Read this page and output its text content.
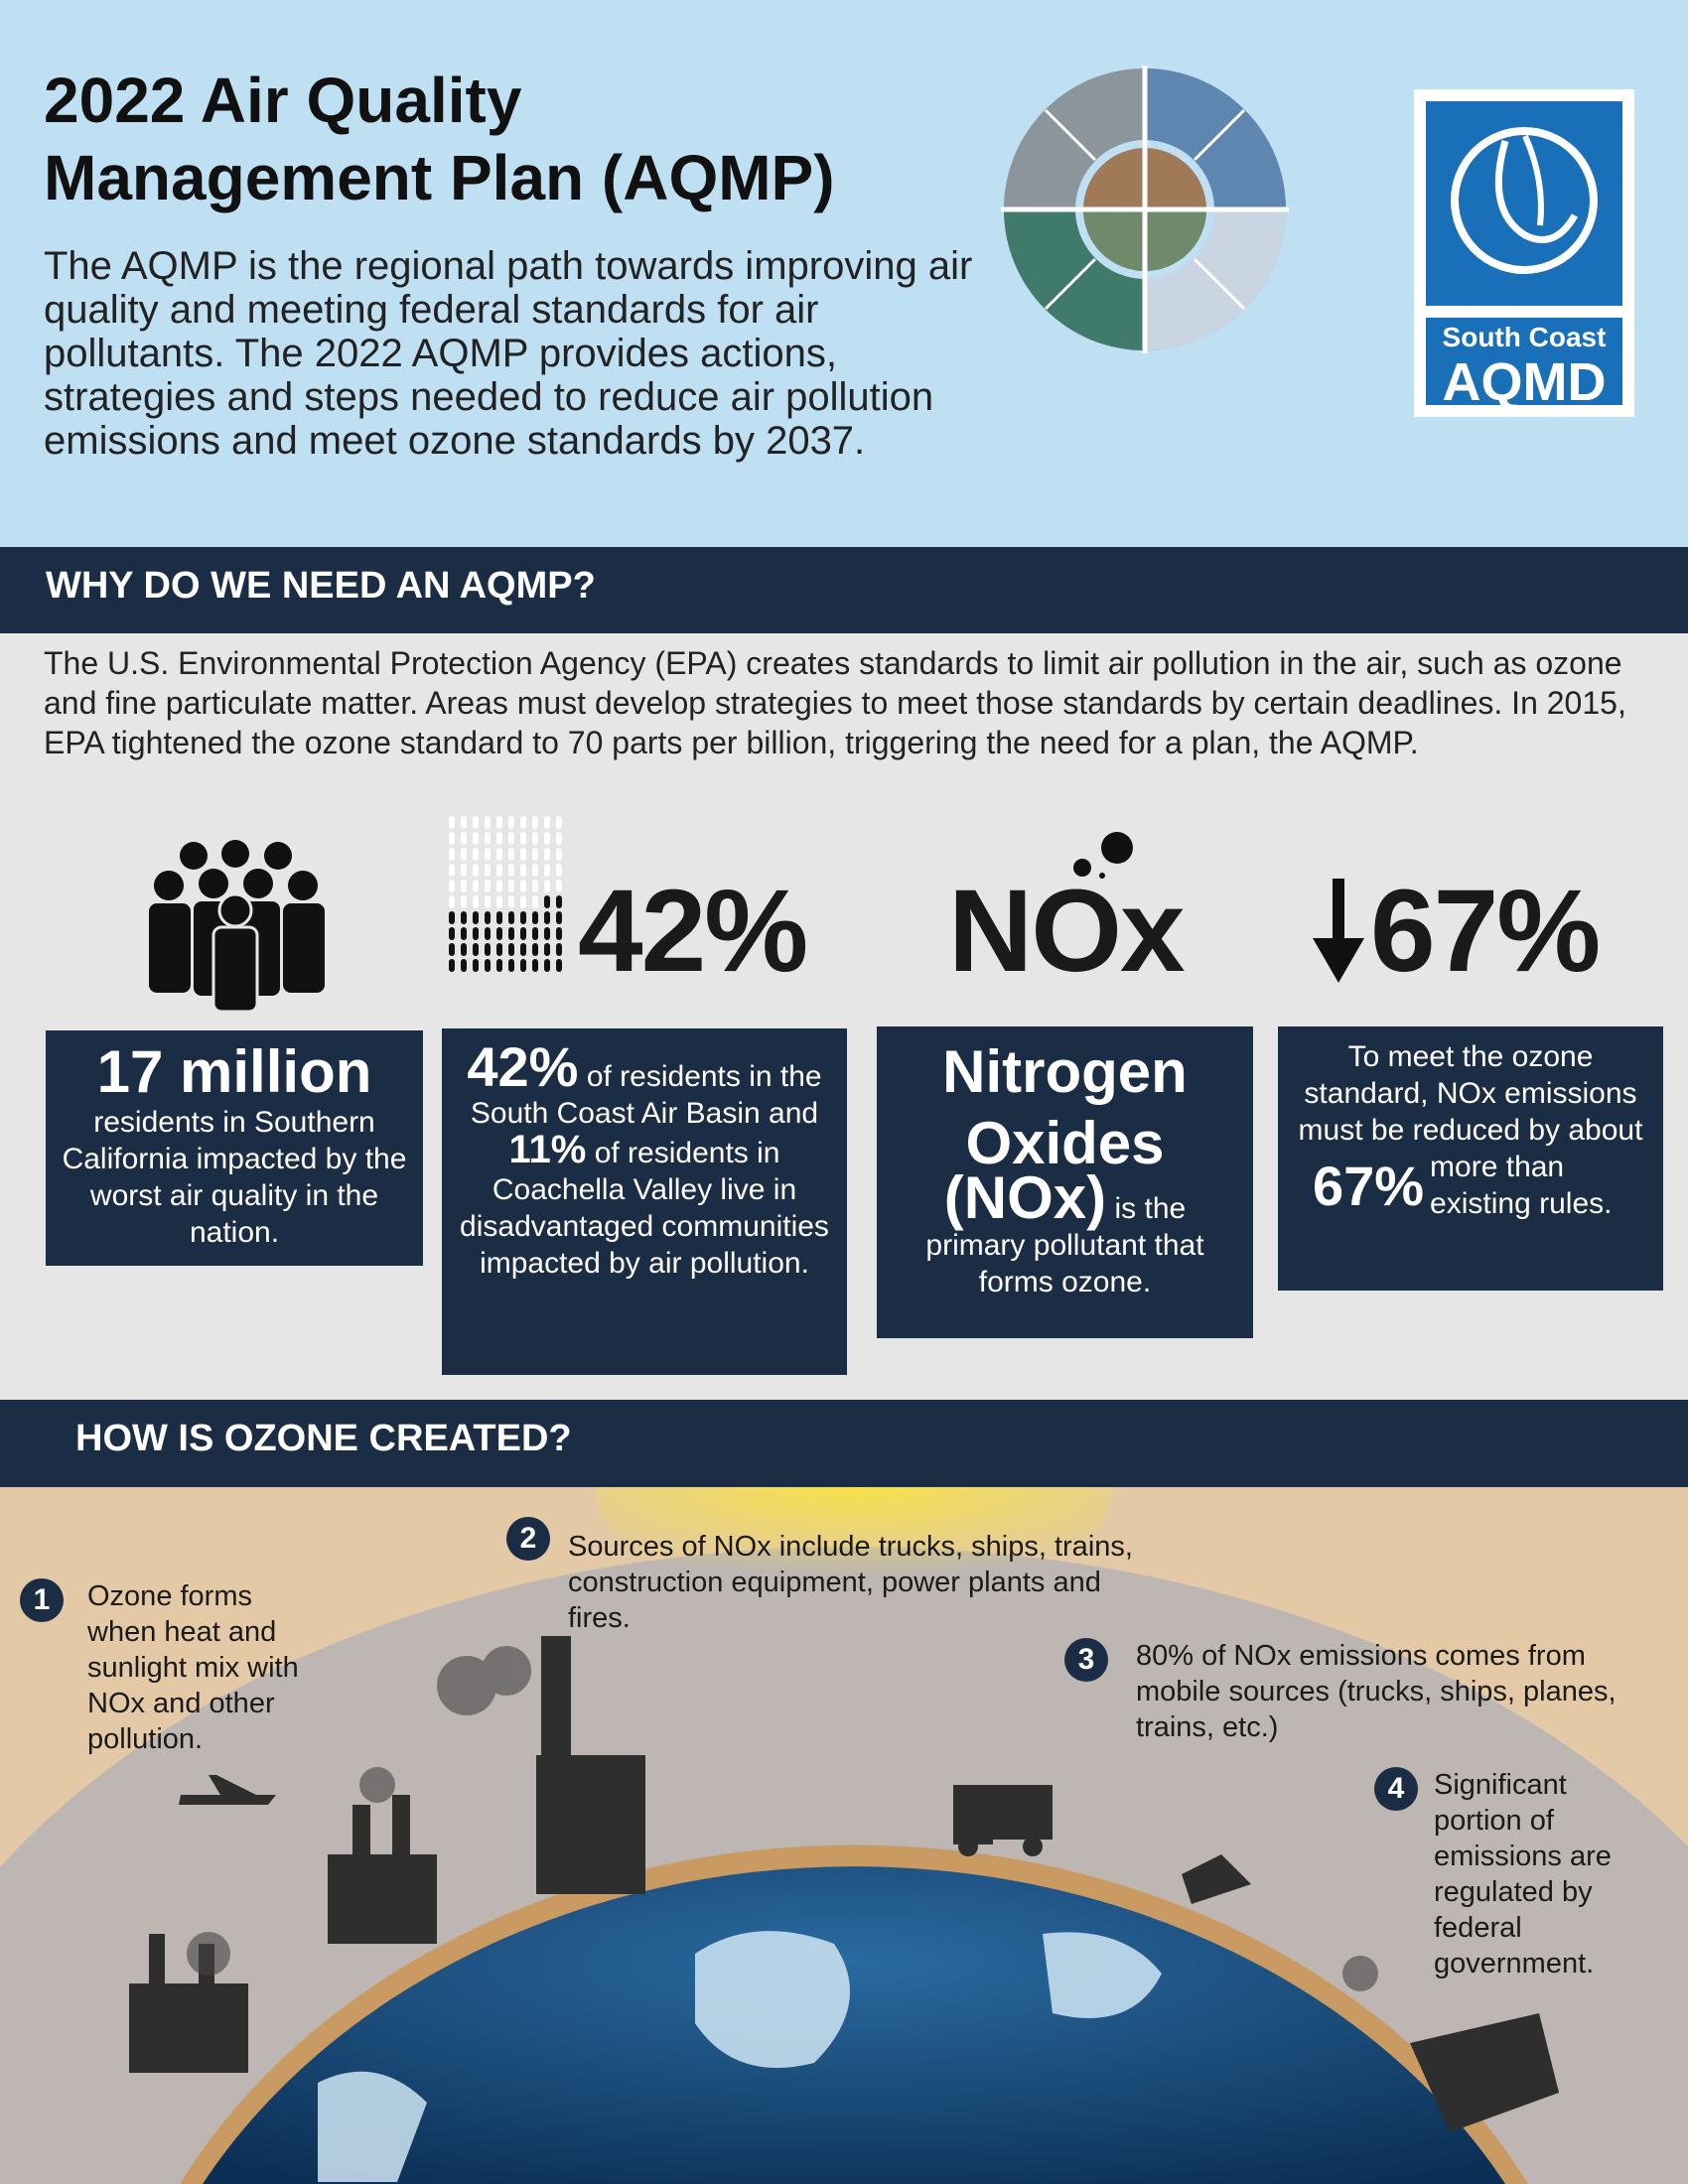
2022 Air Quality
Management Plan (AQMP)
The AQMP is the regional path towards improving air quality and meeting federal standards for air pollutants. The 2022 AQMP provides actions, strategies and steps needed to reduce air pollution emissions and meet ozone standards by 2037.
South Coast
AQMD
WHY DO WE NEED AN AQMP?
The U.S. Environmental Protection Agency (EPA) creates standards to limit air pollution in the air, such as ozone and fine particulate matter. Areas must develop strategies to meet those standards by certain deadlines. In 2015, EPA tightened the ozone standard to 70 parts per billion, triggering the need for a plan, the AQMP.
42% NOx 67%
17 million
residents in Southern California impacted by the worst air quality in the nation.
42% of residents in the South Coast Air Basin and 11% of residents in Coachella Valley live in disadvantaged communities impacted by air pollution.
Nitrogen
Oxides
(NOx) is the
primary pollutant that forms ozone.
To meet the ozone standard, NOx emissions must be reduced by about
67% more than existing rules.
HOW IS OZONE CREATED?
1	Ozone forms when heat and sunlight mix with NOx and other pollution.
2	Sources of NOx include trucks, ships, trains, construction equipment, power plants and fires.
3	80% of NOx emissions comes from mobile sources (trucks, ships, planes, trains, etc.)
4	Significant portion of emissions are regulated by federal government.
